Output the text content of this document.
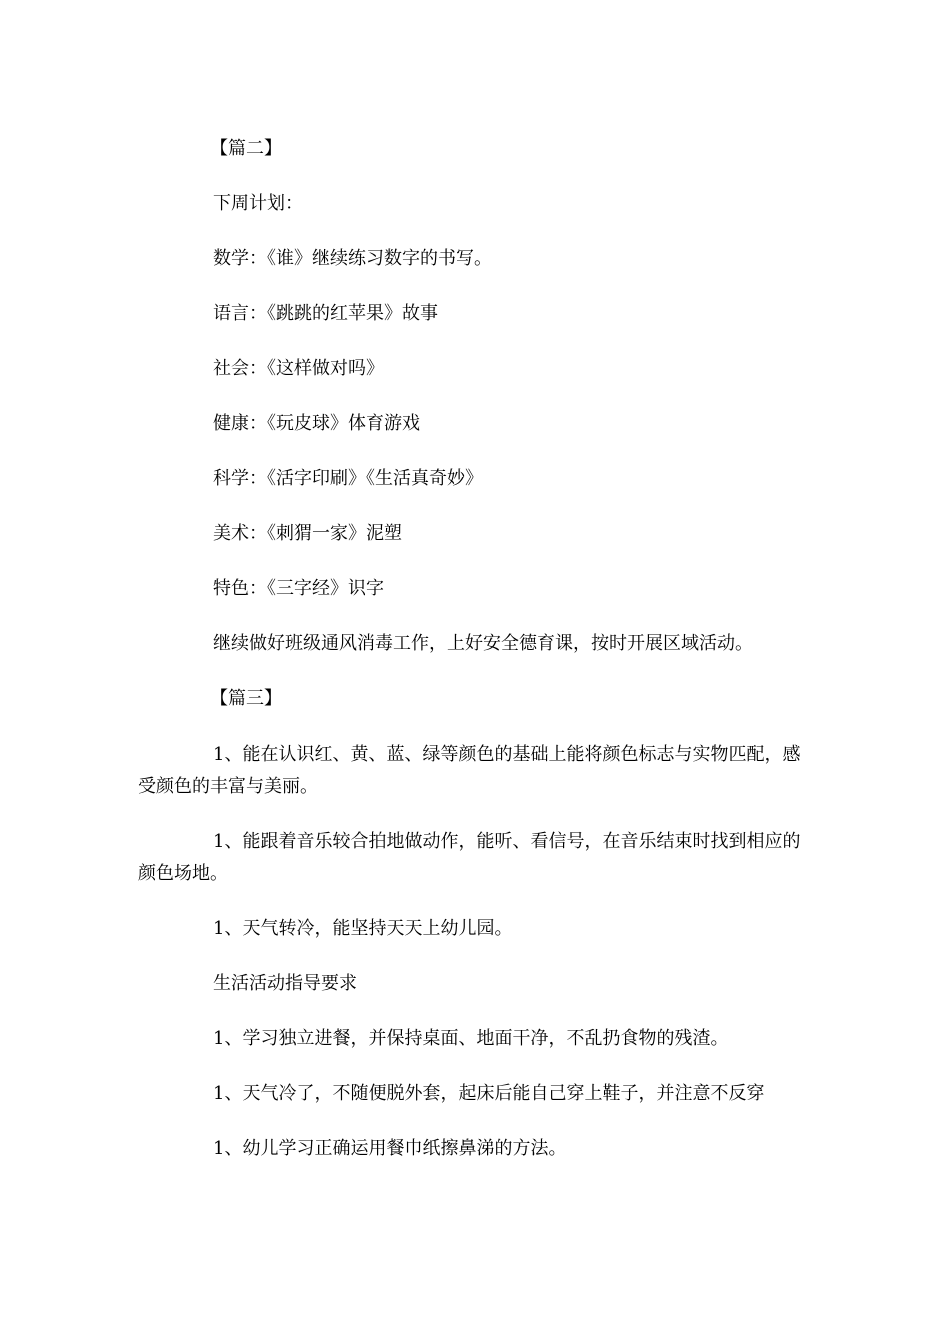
【篇二】
下周计划：
数学：《谁》继续练习数字的书写。
语言：《跳跳的红苹果》故事
社会：《这样做对吗》
健康：《玩皮球》体育游戏
科学：《活字印刷》《生活真奇妙》
美术：《刺猬一家》泥塑
特色：《三字经》识字
继续做好班级通风消毒工作，上好安全德育课，按时开展区域活动。
【篇三】
1、能在认识红、黄、蓝、绿等颜色的基础上能将颜色标志与实物匹配，感受颜色的丰富与美丽。
1、能跟着音乐较合拍地做动作，能听、看信号，在音乐结束时找到相应的颜色场地。
1、天气转冷，能坚持天天上幼儿园。
生活活动指导要求
1、学习独立进餐，并保持桌面、地面干净，不乱扔食物的残渣。
1、天气冷了，不随便脱外套，起床后能自己穿上鞋子，并注意不反穿
1、幼儿学习正确运用餐巾纸擦鼻涕的方法。
